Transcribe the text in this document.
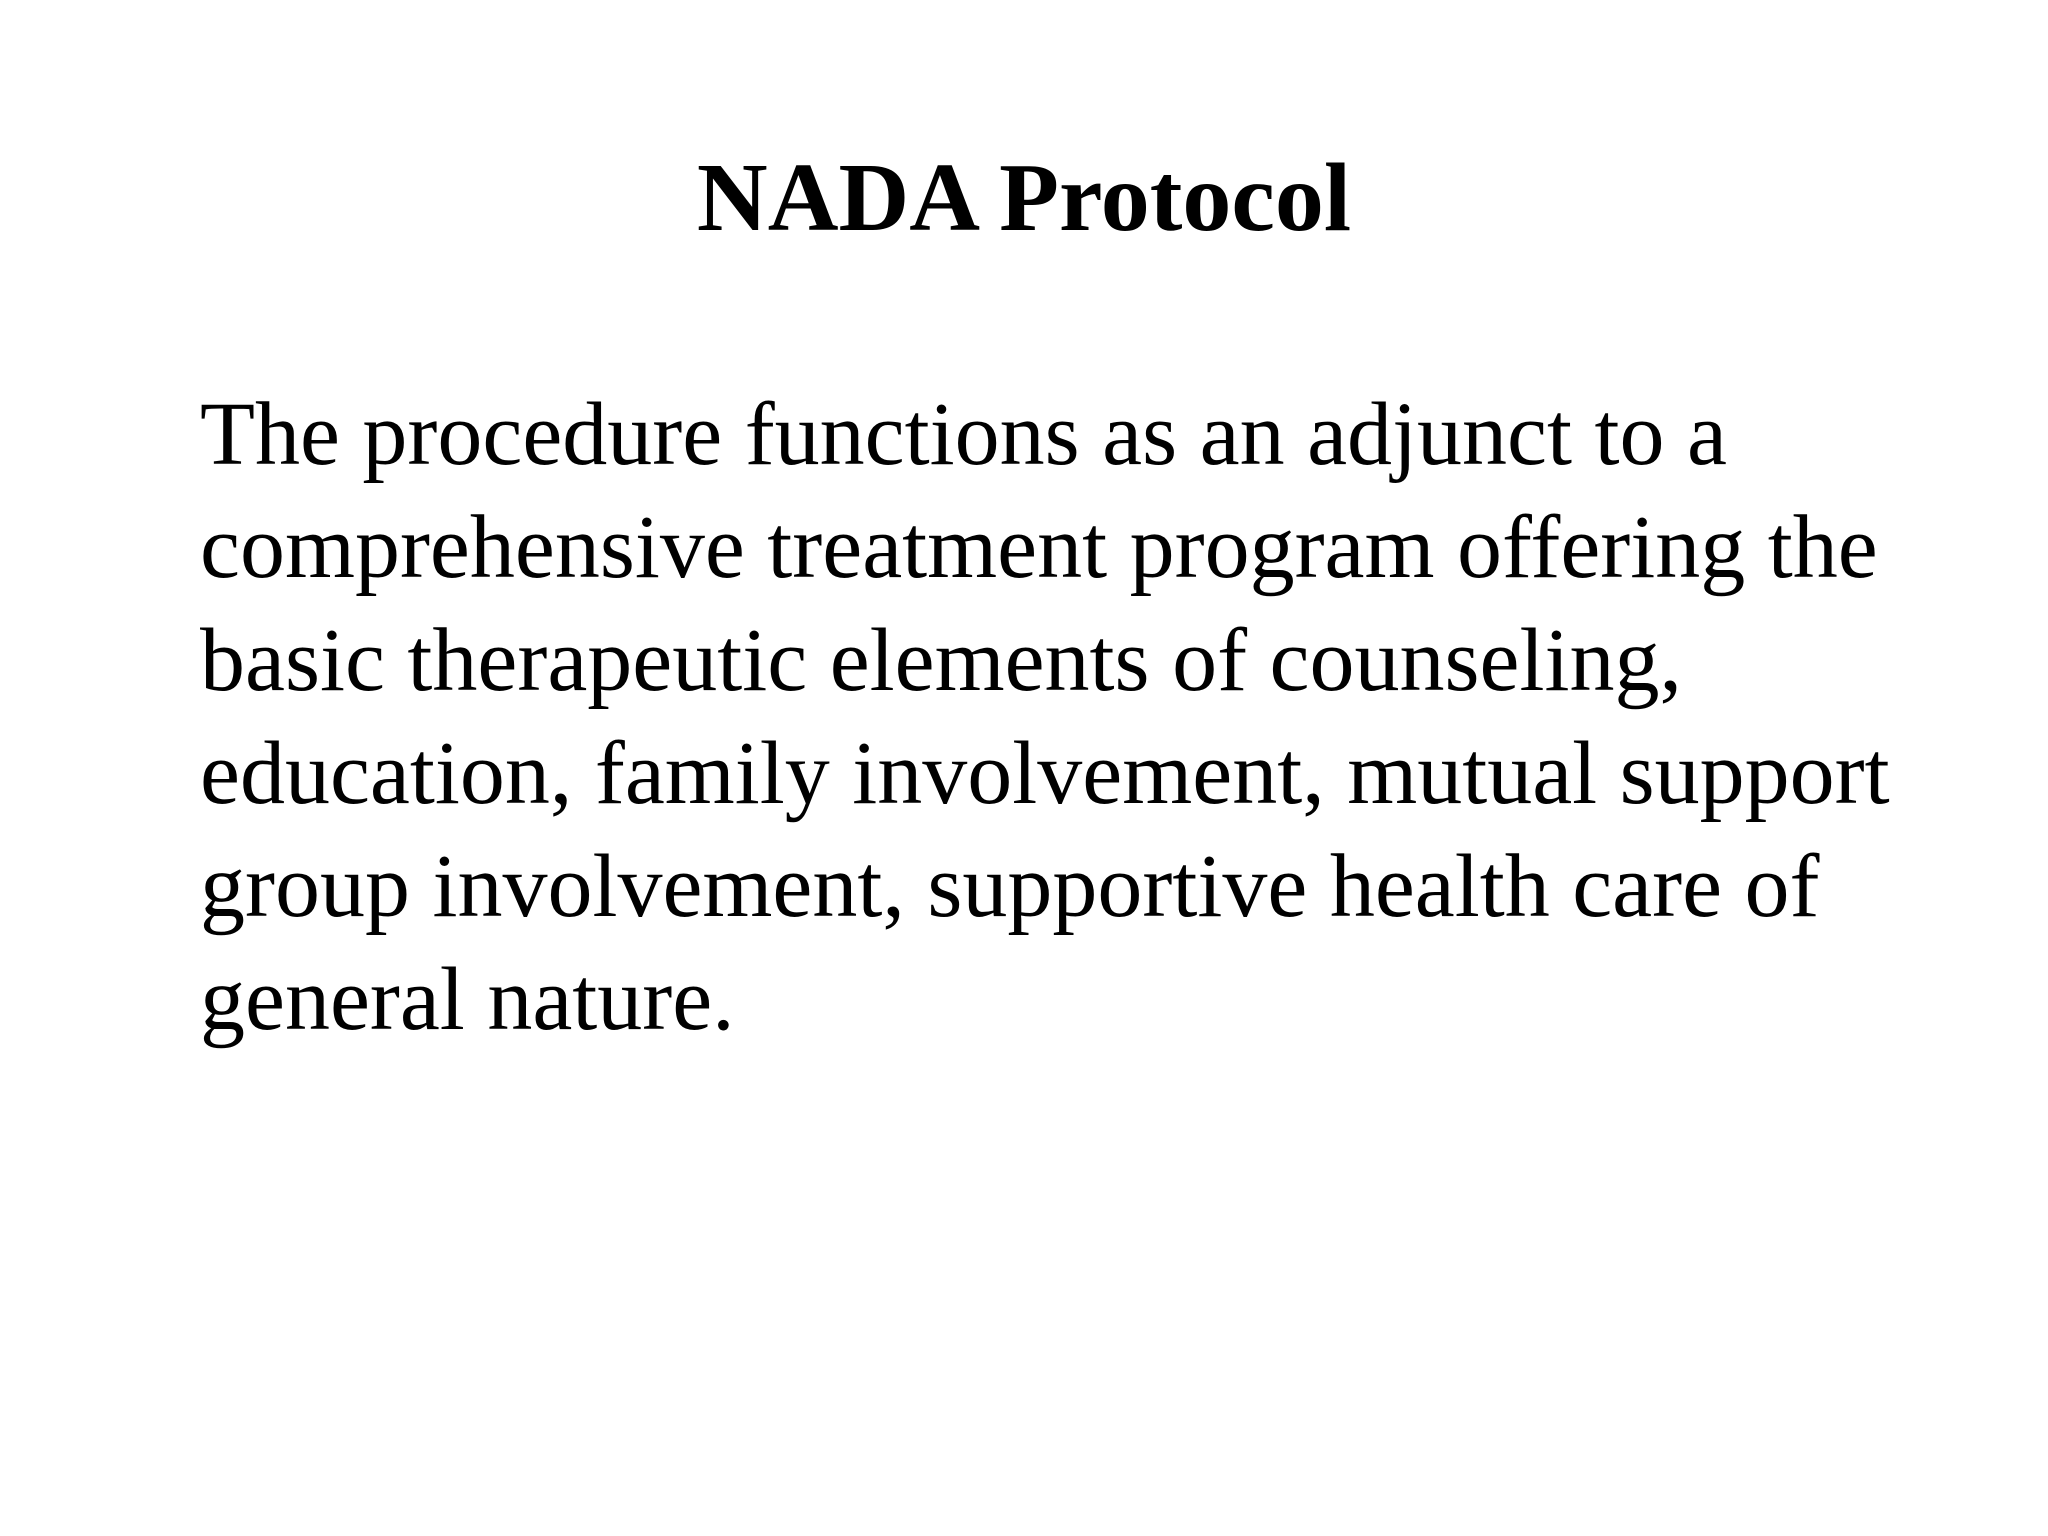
NADA Protocol
The procedure functions as an adjunct to a
comprehensive treatment program offering the
basic therapeutic elements of counseling,
education, family involvement, mutual support
group involvement, supportive health care of
general nature.
